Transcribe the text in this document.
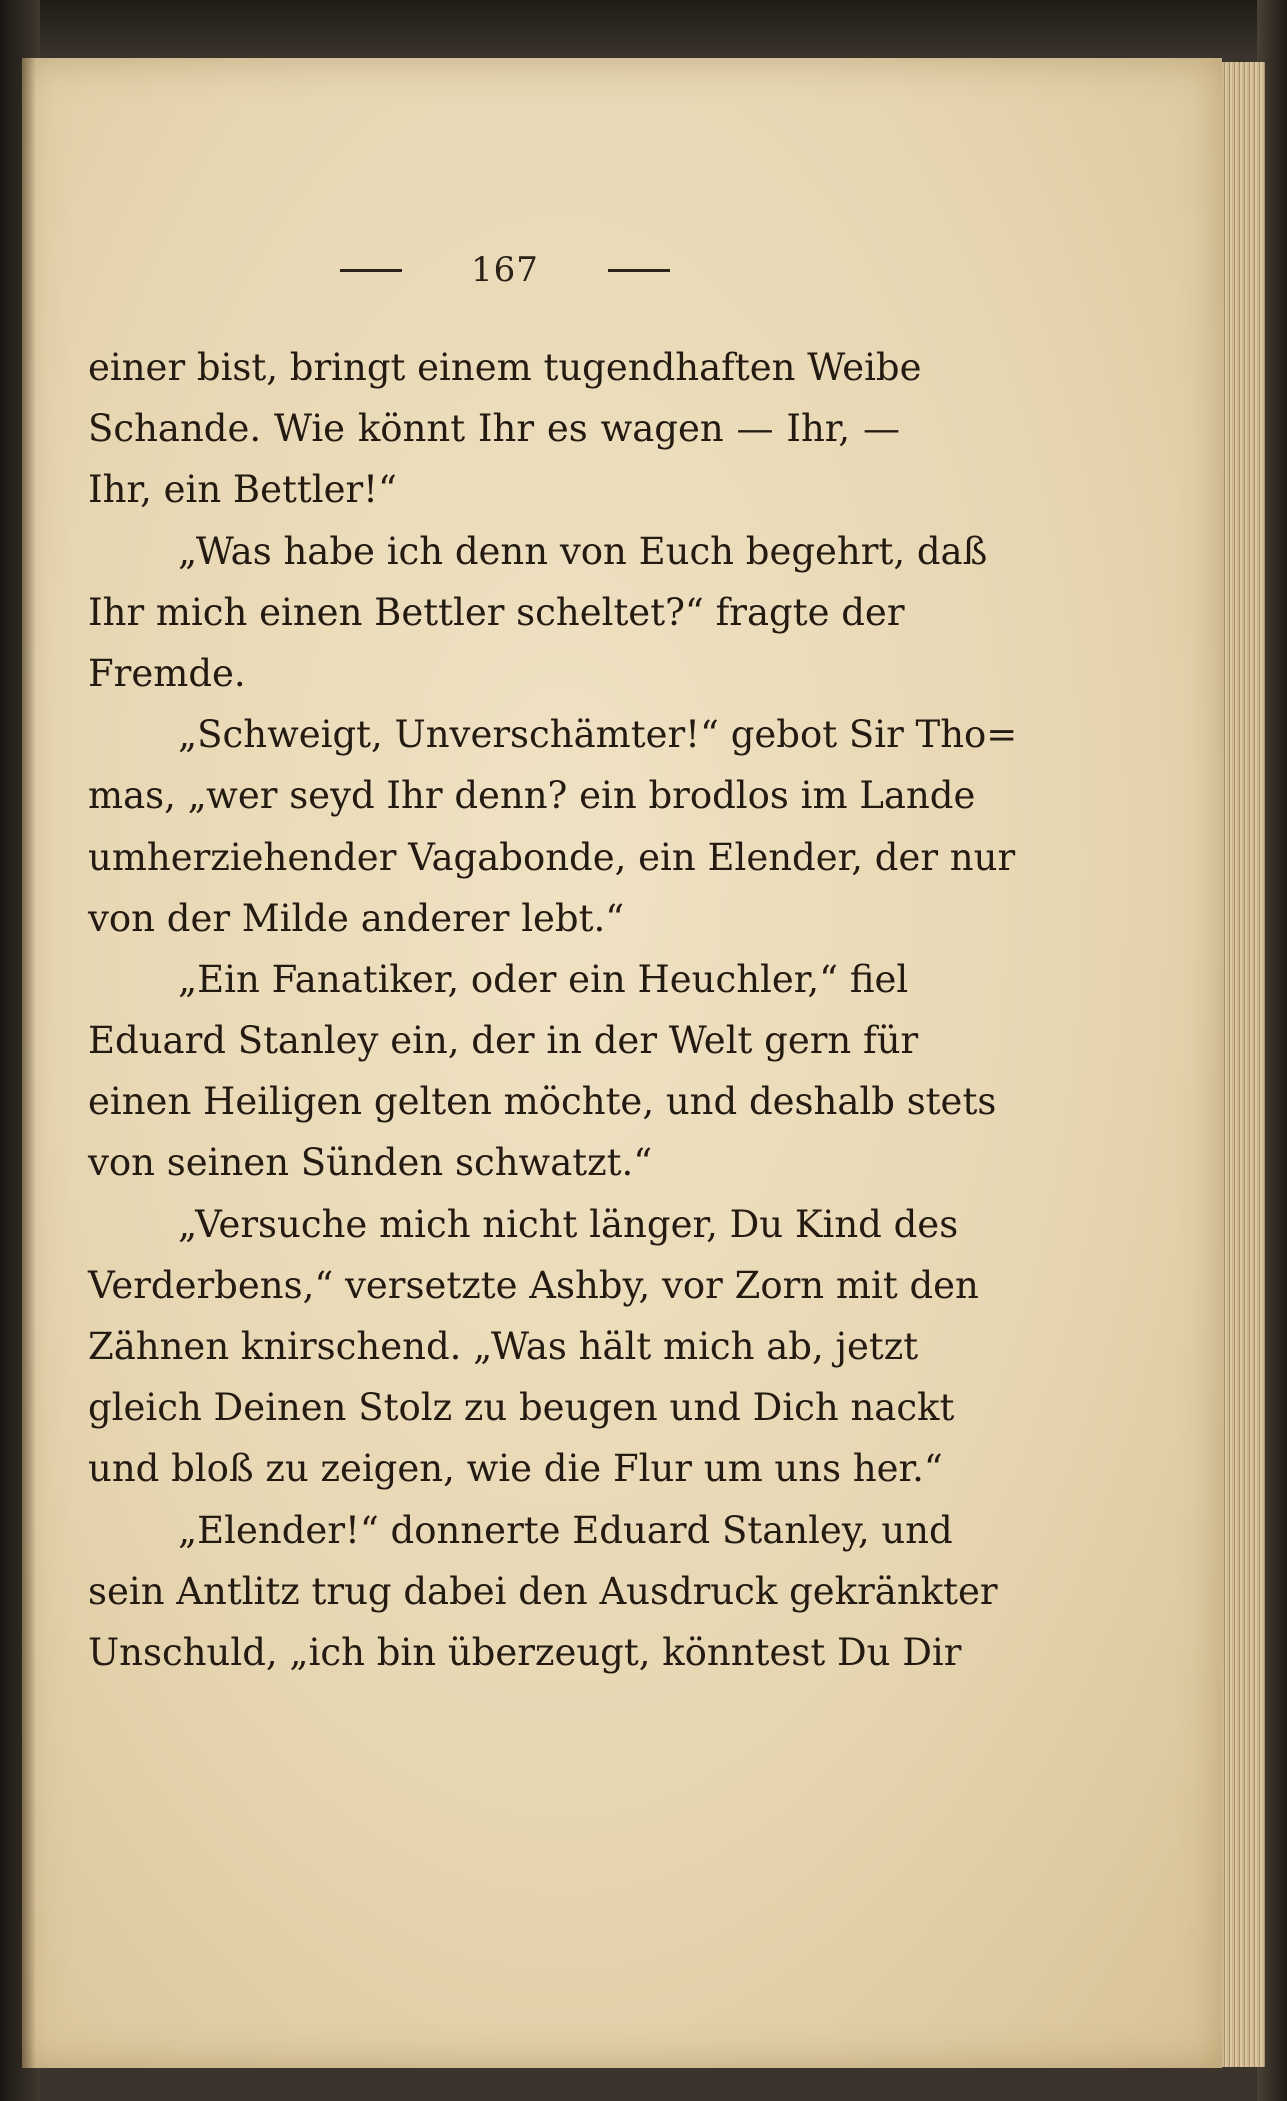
167
einer bist, bringt einem tugendhaften Weibe
Schande. Wie könnt Ihr es wagen — Ihr, —
Ihr, ein Bettler!“
„Was habe ich denn von Euch begehrt, daß
Ihr mich einen Bettler scheltet?“ fragte der
Fremde.
„Schweigt, Unverschämter!“ gebot Sir Tho=
mas, „wer seyd Ihr denn? ein brodlos im Lande
umherziehender Vagabonde, ein Elender, der nur
von der Milde anderer lebt.“
„Ein Fanatiker, oder ein Heuchler,“ fiel
Eduard Stanley ein, der in der Welt gern für
einen Heiligen gelten möchte, und deshalb stets
von seinen Sünden schwatzt.“
„Versuche mich nicht länger, Du Kind des
Verderbens,“ versetzte Ashby, vor Zorn mit den
Zähnen knirschend. „Was hält mich ab, jetzt
gleich Deinen Stolz zu beugen und Dich nackt
und bloß zu zeigen, wie die Flur um uns her.“
„Elender!“ donnerte Eduard Stanley, und
sein Antlitz trug dabei den Ausdruck gekränkter
Unschuld, „ich bin überzeugt, könntest Du Dir
